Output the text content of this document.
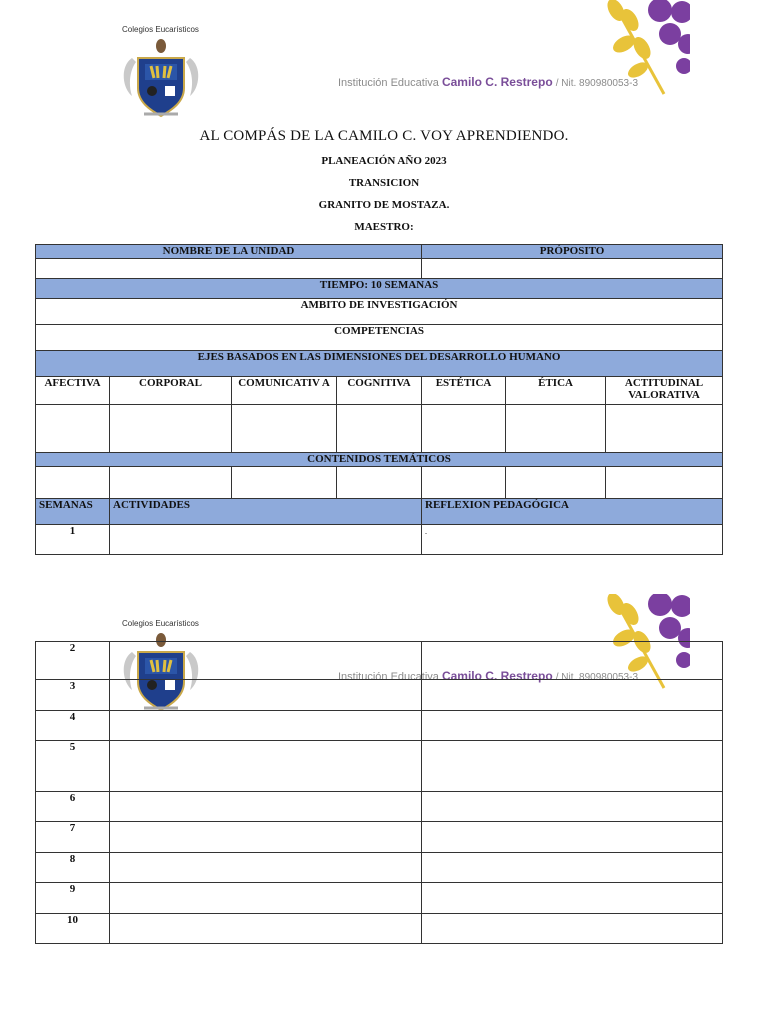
Colegios Eucarísticos
Institución Educativa Camilo C. Restrepo / Nit. 890980053-3
AL COMPÁS DE LA CAMILO C. VOY APRENDIENDO.
PLANEACIÓN AÑO 2023
TRANSICION
GRANITO DE MOSTAZA.
MAESTRO:
NOMBRE DE LA UNIDAD				PRÓPOSITO		

TIEMPO: 10 SEMANAS						
AMBITO DE INVESTIGACIÓN						
COMPETENCIAS						
EJES BASADOS EN LAS DIMENSIONES DEL DESARROLLO HUMANO						
AFECTIVA	CORPORAL	COMUNICATIV A	COGNITIVA	ESTÉTICA	ÉTICA	ACTITUDINAL VALORATIVA

CONTENIDOS TEMÁTICOS						

SEMANAS	ACTIVIDADES			REFLEXION PEDAGÓGICA		
1				.		
Colegios Eucarísticos
Institución Educativa Camilo C. Restrepo / Nit. 890980053-3
2		
3		
4		
5		
6		
7		
8		
9		
10		
